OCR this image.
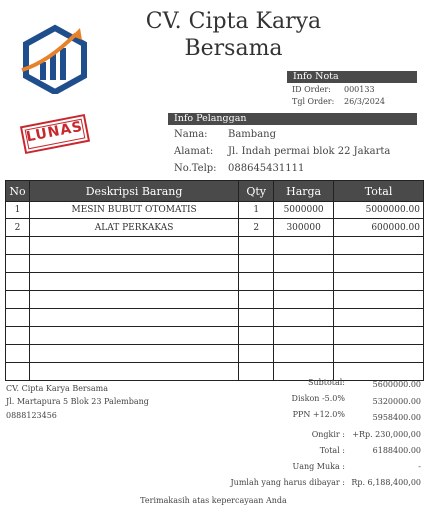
CV. Cipta Karya
Bersama
Info Nota
ID Order: 000133
Tgl Order: 26/3/2024
LUNAS
Info Pelanggan
Nama: Bambang
Alamat: Jl. Indah permai blok 22 Jakarta
No.Telp: 088645431111
No	Deskripsi Barang	Qty	Harga	Total
1	MESIN BUBUT OTOMATIS	1	5000000	5000000.00
2	ALAT PERKAKAS	2	300000	600000.00

CV. Cipta Karya Bersama
Jl. Martapura 5 Blok 23 Palembang
0888123456
Subtotal:	5600000.00
Diskon -5.0%	5320000.00
PPN +12.0%	5958400.00
Ongkir : +Rp. 230,000,00
Total :	6188400.00
Uang Muka :	-
Jumlah yang harus dibayar : Rp. 6,188,400,00
Terimakasih atas kepercayaan Anda
